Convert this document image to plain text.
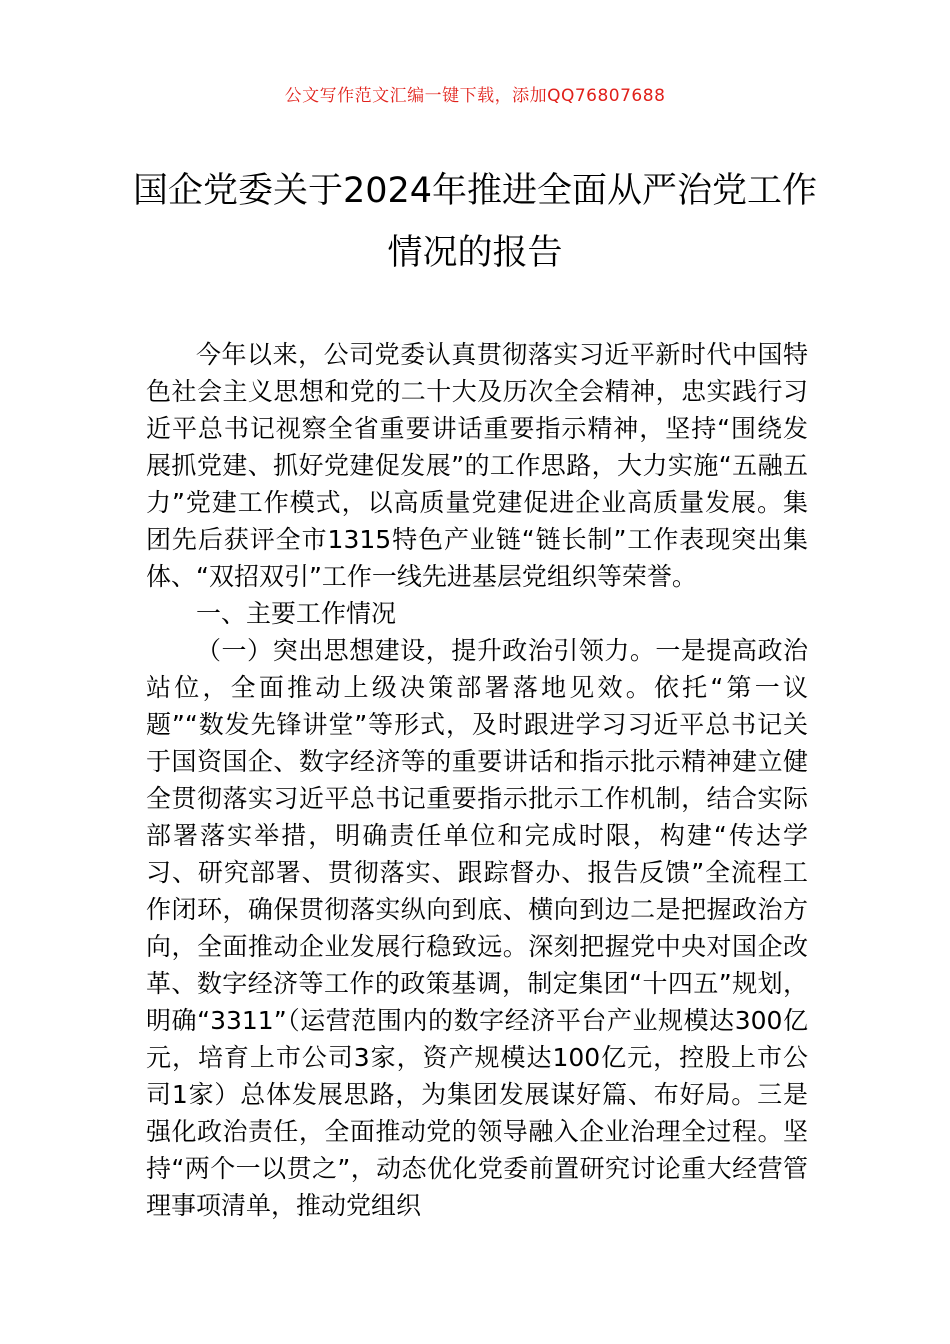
公文写作范文汇编一键下载，添加QQ76807688
国企党委关于2024年推进全面从严治党工作情况的报告

今年以来，公司党委认真贯彻落实习近平新时代中国特色社会主义思想和党的二十大及历次全会精神，忠实践行习近平总书记视察全省重要讲话重要指示精神，坚持“围绕发展抓党建、抓好党建促发展”的工作思路，大力实施“五融五力”党建工作模式，以高质量党建促进企业高质量发展。集团先后获评全市1315特色产业链“链长制”工作表现突出集体、“双招双引”工作一线先进基层党组织等荣誉。

一、主要工作情况

（一）突出思想建设，提升政治引领力。一是提高政治站位，全面推动上级决策部署落地见效。依托“第一议题”“数发先锋讲堂”等形式，及时跟进学习习近平总书记关于国资国企、数字经济等的重要讲话和指示批示精神建立健全贯彻落实习近平总书记重要指示批示工作机制，结合实际部署落实举措，明确责任单位和完成时限，构建“传达学习、研究部署、贯彻落实、跟踪督办、报告反馈”全流程工作闭环，确保贯彻落实纵向到底、横向到边二是把握政治方向，全面推动企业发展行稳致远。深刻把握党中央对国企改革、数字经济等工作的政策基调，制定集团“十四五”规划，明确“3311”（运营范围内的数字经济平台产业规模达300亿元，培育上市公司3家，资产规模达100亿元，控股上市公司1家）总体发展思路，为集团发展谋好篇、布好局。三是强化政治责任，全面推动党的领导融入企业治理全过程。坚持“两个一以贯之”，动态优化党委前置研究讨论重大经营管理事项清单，推动党组织
